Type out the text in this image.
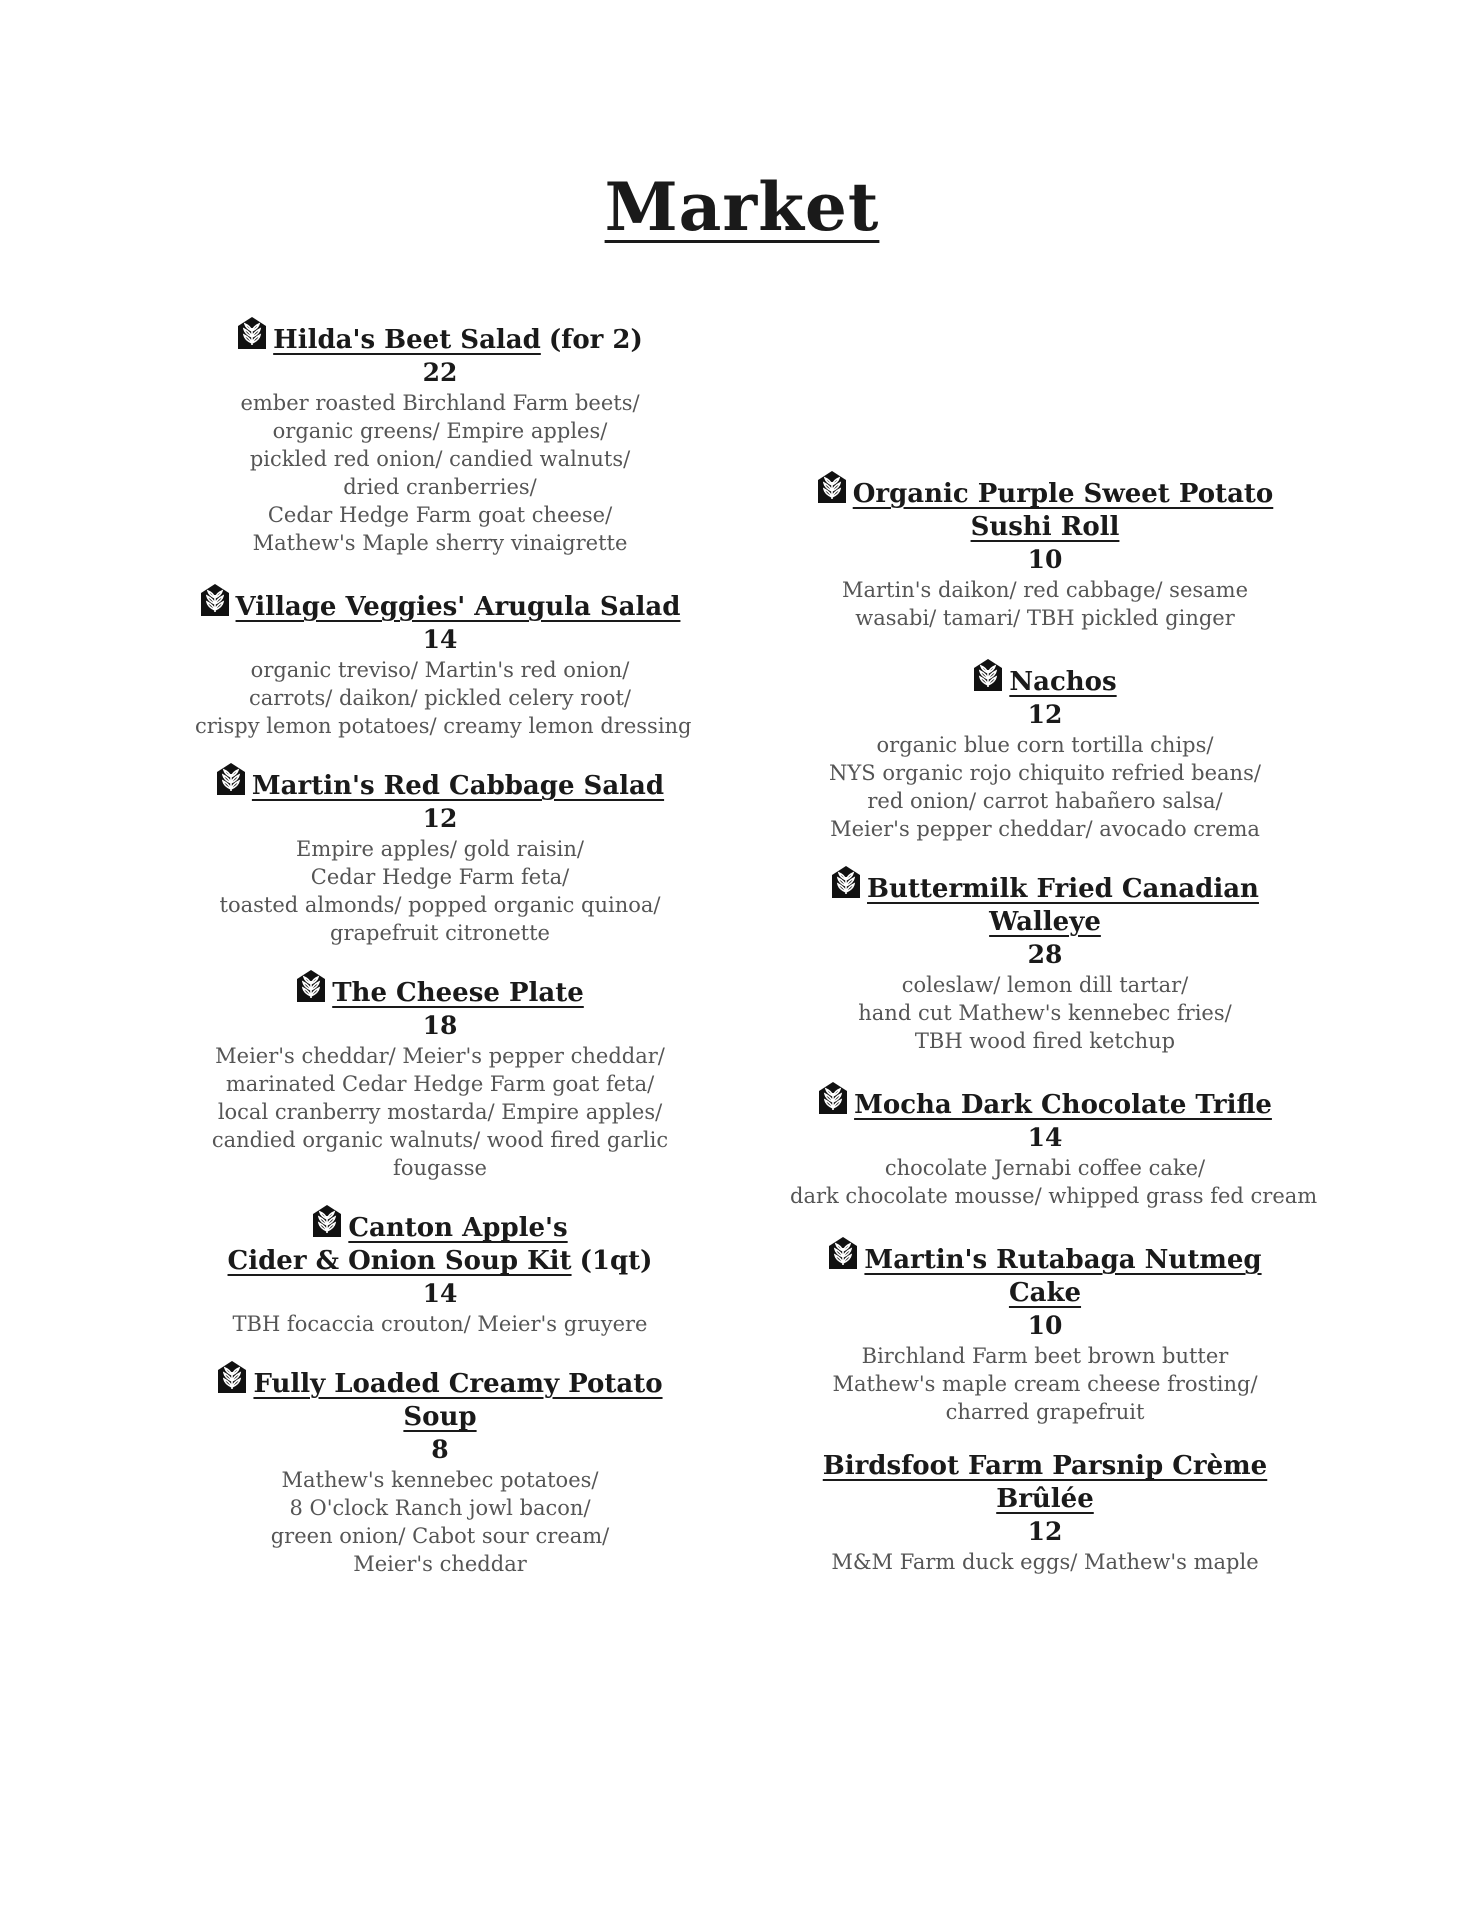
Market
Hilda's Beet Salad (for 2)
22
ember roasted Birchland Farm beets/
organic greens/ Empire apples/
pickled red onion/ candied walnuts/
dried cranberries/
Cedar Hedge Farm goat cheese/
Mathew's Maple sherry vinaigrette
Village Veggies' Arugula Salad
14
organic treviso/ Martin's red onion/
carrots/ daikon/ pickled celery root/
crispy lemon potatoes/ creamy lemon dressing
Martin's Red Cabbage Salad
12
Empire apples/ gold raisin/
Cedar Hedge Farm feta/
toasted almonds/ popped organic quinoa/
grapefruit citronette
The Cheese Plate
18
Meier's cheddar/ Meier's pepper cheddar/
marinated Cedar Hedge Farm goat feta/
local cranberry mostarda/ Empire apples/
candied organic walnuts/ wood fired garlic
fougasse
Canton Apple's
Cider & Onion Soup Kit (1qt)
14
TBH focaccia crouton/ Meier's gruyere
Fully Loaded Creamy Potato Soup
8
Mathew's kennebec potatoes/
8 O'clock Ranch jowl bacon/
green onion/ Cabot sour cream/
Meier's cheddar
Organic Purple Sweet Potato
Sushi Roll
10
Martin's daikon/ red cabbage/ sesame
wasabi/ tamari/ TBH pickled ginger
Nachos
12
organic blue corn tortilla chips/
NYS organic rojo chiquito refried beans/
red onion/ carrot habañero salsa/
Meier's pepper cheddar/ avocado crema
Buttermilk Fried Canadian Walleye
28
coleslaw/ lemon dill tartar/
hand cut Mathew's kennebec fries/
TBH wood fired ketchup
Mocha Dark Chocolate Trifle
14
chocolate Jernabi coffee cake/
dark chocolate mousse/ whipped grass fed cream
Martin's Rutabaga Nutmeg Cake
10
Birchland Farm beet brown butter
Mathew's maple cream cheese frosting/
charred grapefruit
Birdsfoot Farm Parsnip Crème Brûlée
12
M&M Farm duck eggs/ Mathew's maple
